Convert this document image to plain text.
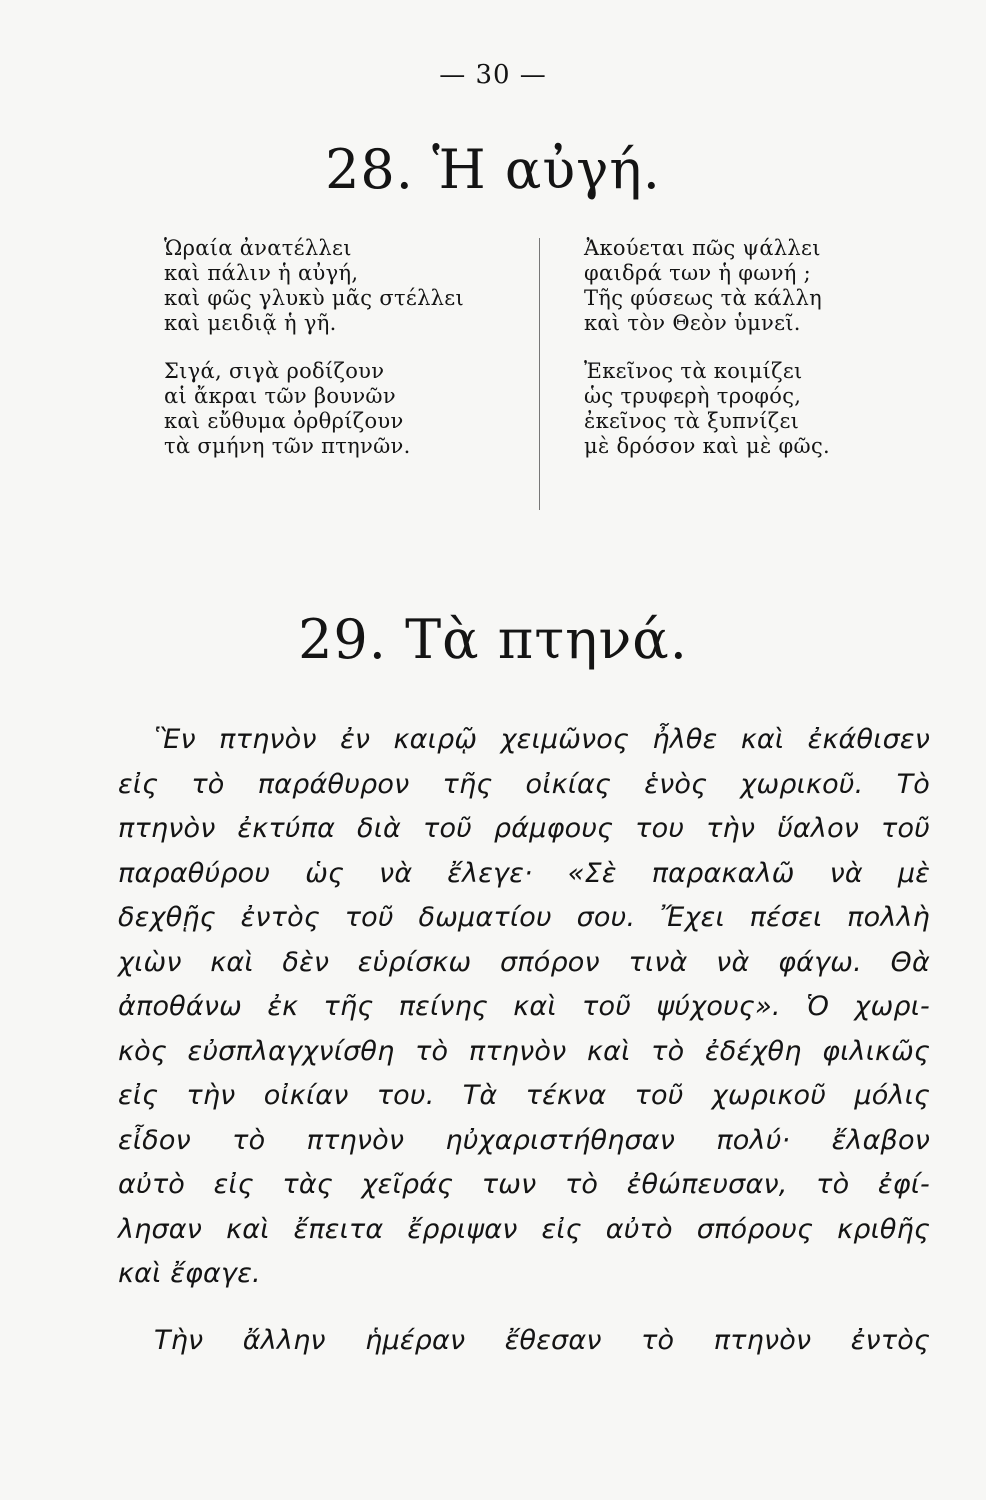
— 30 —
28. Ἡ αὐγή.
Ὡραία ἀνατέλλει
καὶ πάλιν ἡ αὐγή,
καὶ φῶς γλυκὺ μᾶς στέλλει
καὶ μειδιᾷ ἡ γῆ.
Σιγά, σιγὰ ροδίζουν
αἱ ἄκραι τῶν βουνῶν
καὶ εὔθυμα ὀρθρίζουν
τὰ σμήνη τῶν πτηνῶν.
Ἀκούεται πῶς ψάλλει
φαιδρά των ἡ φωνή ;
Τῆς φύσεως τὰ κάλλη
καὶ τὸν Θεὸν ὑμνεῖ.
Ἐκεῖνος τὰ κοιμίζει
ὡς τρυφερὴ τροφός,
ἐκεῖνος τὰ ξυπνίζει
μὲ δρόσον καὶ μὲ φῶς.
29. Τὰ πτηνά.
Ἓν πτηνὸν ἐν καιρῷ χειμῶνος ἦλθε καὶ ἐκάθισεν
εἰς τὸ παράθυρον τῆς οἰκίας ἑνὸς χωρικοῦ. Τὸ
πτηνὸν ἐκτύπα διὰ τοῦ ράμφους του τὴν ὕαλον τοῦ
παραθύρου ὡς νὰ ἔλεγε· «Σὲ παρακαλῶ νὰ μὲ
δεχθῇς ἐντὸς τοῦ δωματίου σου. Ἔχει πέσει πολλὴ
χιὼν καὶ δὲν εὑρίσκω σπόρον τινὰ νὰ φάγω. Θὰ
ἀποθάνω ἐκ τῆς πείνης καὶ τοῦ ψύχους». Ὁ χωρι-
κὸς εὐσπλαγχνίσθη τὸ πτηνὸν καὶ τὸ ἐδέχθη φιλικῶς
εἰς τὴν οἰκίαν του. Τὰ τέκνα τοῦ χωρικοῦ μόλις
εἶδον τὸ πτηνὸν ηὐχαριστήθησαν πολύ· ἔλαβον
αὐτὸ εἰς τὰς χεῖράς των τὸ ἐθώπευσαν, τὸ ἐφί-
λησαν καὶ ἔπειτα ἔρριψαν εἰς αὐτὸ σπόρους κριθῆς
καὶ ἔφαγε.
Τὴν ἄλλην ἡμέραν ἔθεσαν τὸ πτηνὸν ἐντὸς
